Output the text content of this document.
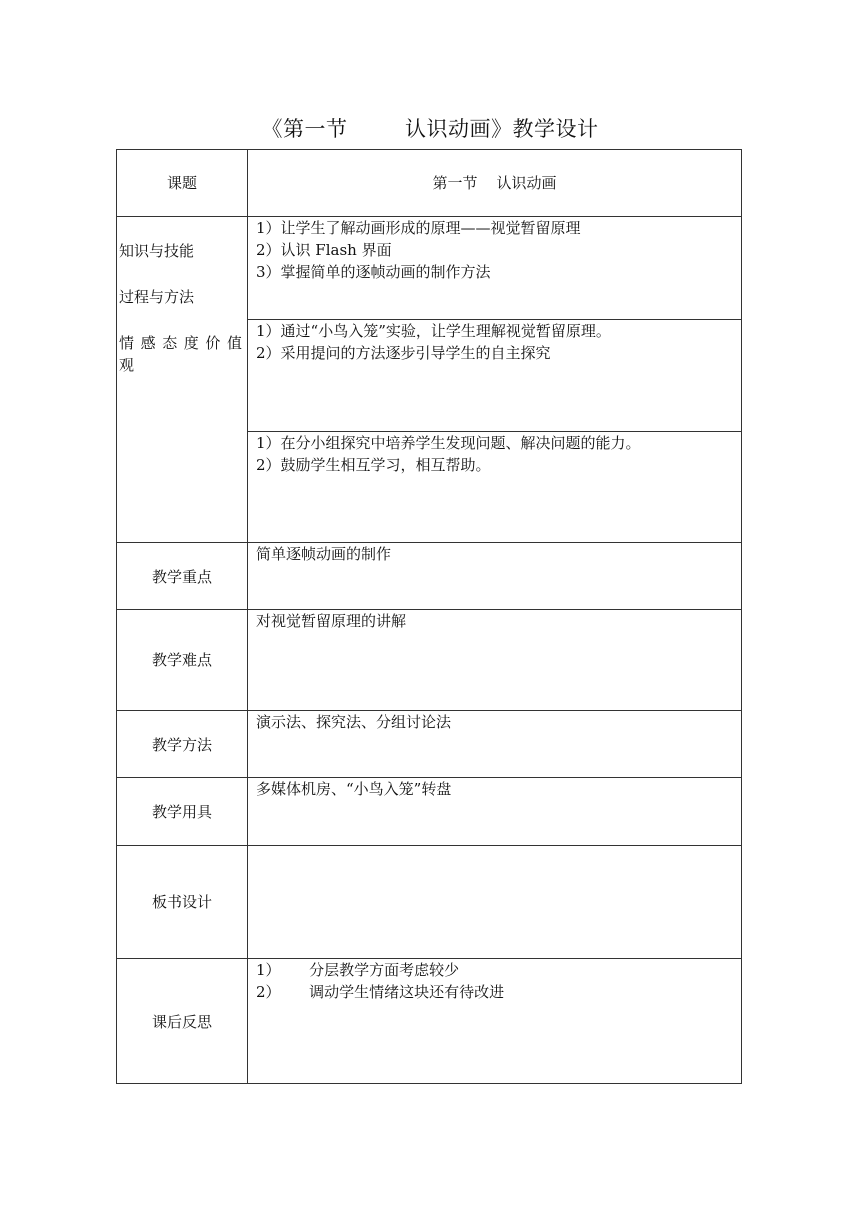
《第一节        认识动画》教学设计
课题	第一节    认识动画
知识与技能
过程与方法
情感态度价值
观
1）让学生了解动画形成的原理——视觉暂留原理
2）认识 Flash 界面
3）掌握简单的逐帧动画的制作方法
1）通过“小鸟入笼”实验，让学生理解视觉暂留原理。
2）采用提问的方法逐步引导学生的自主探究
1）在分小组探究中培养学生发现问题、解决问题的能力。
2）鼓励学生相互学习，相互帮助。
教学重点
简单逐帧动画的制作
教学难点
对视觉暂留原理的讲解
教学方法
演示法、探究法、分组讨论法
教学用具
多媒体机房、“小鸟入笼”转盘
板书设计
课后反思
1）      分层教学方面考虑较少
2）      调动学生情绪这块还有待改进
